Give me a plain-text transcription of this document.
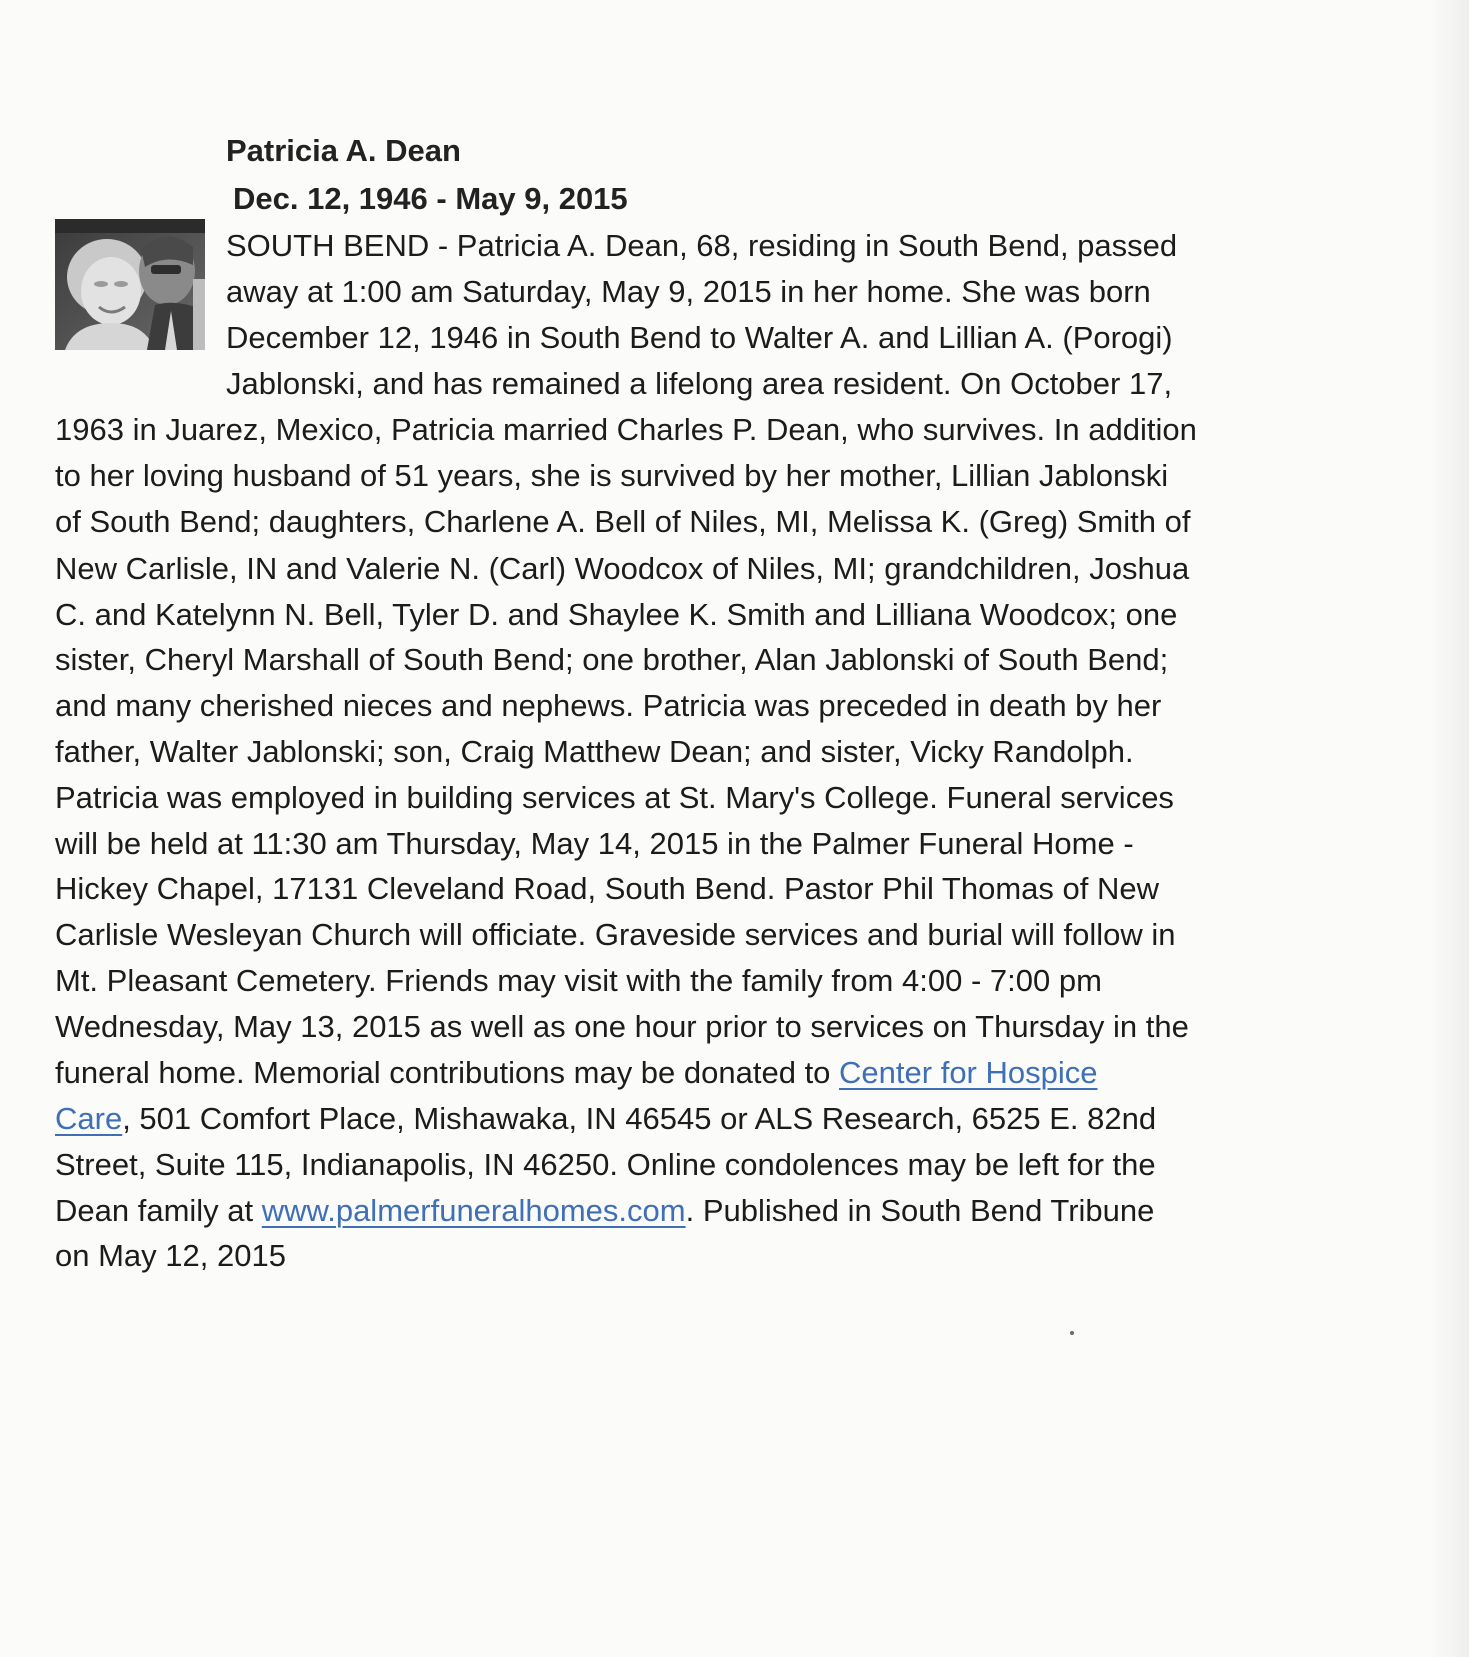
Patricia A. Dean
Dec. 12, 1946 - May 9, 2015
SOUTH BEND - Patricia A. Dean, 68, residing in South Bend, passed
away at 1:00 am Saturday, May 9, 2015 in her home. She was born
December 12, 1946 in South Bend to Walter A. and Lillian A. (Porogi)
Jablonski, and has remained a lifelong area resident. On October 17,
1963 in Juarez, Mexico, Patricia married Charles P. Dean, who survives. In addition
to her loving husband of 51 years, she is survived by her mother, Lillian Jablonski
of South Bend; daughters, Charlene A. Bell of Niles, MI, Melissa K. (Greg) Smith of
New Carlisle, IN and Valerie N. (Carl) Woodcox of Niles, MI; grandchildren, Joshua
C. and Katelynn N. Bell, Tyler D. and Shaylee K. Smith and Lilliana Woodcox; one
sister, Cheryl Marshall of South Bend; one brother, Alan Jablonski of South Bend;
and many cherished nieces and nephews. Patricia was preceded in death by her
father, Walter Jablonski; son, Craig Matthew Dean; and sister, Vicky Randolph.
Patricia was employed in building services at St. Mary's College. Funeral services
will be held at 11:30 am Thursday, May 14, 2015 in the Palmer Funeral Home -
Hickey Chapel, 17131 Cleveland Road, South Bend. Pastor Phil Thomas of New
Carlisle Wesleyan Church will officiate. Graveside services and burial will follow in
Mt. Pleasant Cemetery. Friends may visit with the family from 4:00 - 7:00 pm
Wednesday, May 13, 2015 as well as one hour prior to services on Thursday in the
funeral home. Memorial contributions may be donated to Center for Hospice
Care, 501 Comfort Place, Mishawaka, IN 46545 or ALS Research, 6525 E. 82nd
Street, Suite 115, Indianapolis, IN 46250. Online condolences may be left for the
Dean family at www.palmerfuneralhomes.com. Published in South Bend Tribune
on May 12, 2015
